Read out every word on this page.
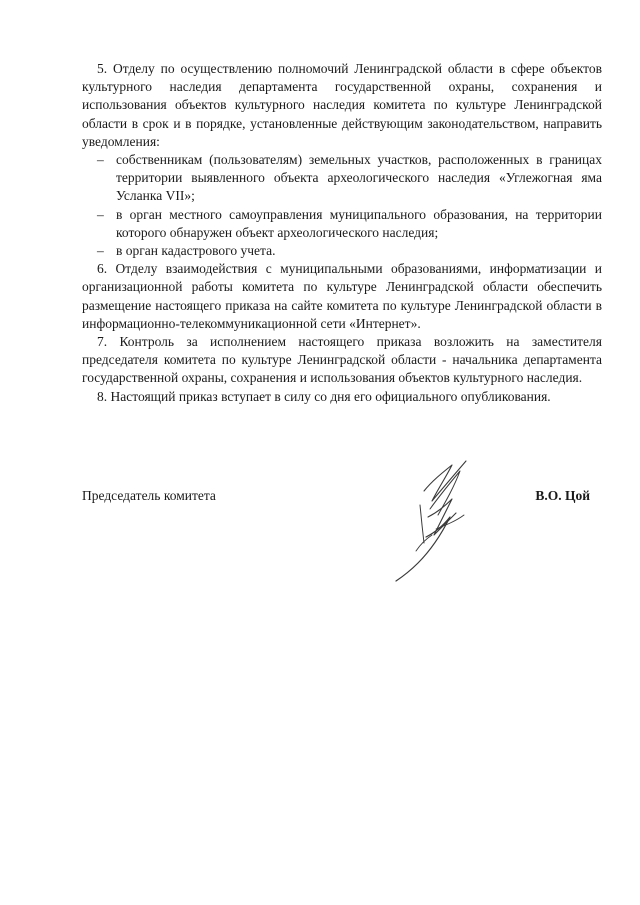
5. Отделу по осуществлению полномочий Ленинградской области в сфере объектов культурного наследия департамента государственной охраны, сохранения и использования объектов культурного наследия комитета по культуре Ленинградской области в срок и в порядке, установленные действующим законодательством, направить уведомления:

– собственникам (пользователям) земельных участков, расположенных в границах территории выявленного объекта археологического наследия «Углежогная яма Усланка VII»;

– в орган местного самоуправления муниципального образования, на территории которого обнаружен объект археологического наследия;

– в орган кадастрового учета.

6. Отделу взаимодействия с муниципальными образованиями, информатизации и организационной работы комитета по культуре Ленинградской области обеспечить размещение настоящего приказа на сайте комитета по культуре Ленинградской области в информационно-телекоммуникационной сети «Интернет».

7. Контроль за исполнением настоящего приказа возложить на заместителя председателя комитета по культуре Ленинградской области - начальника департамента государственной охраны, сохранения и использования объектов культурного наследия.

8. Настоящий приказ вступает в силу со дня его официального опубликования.

Председатель комитета	В.О. Цой
